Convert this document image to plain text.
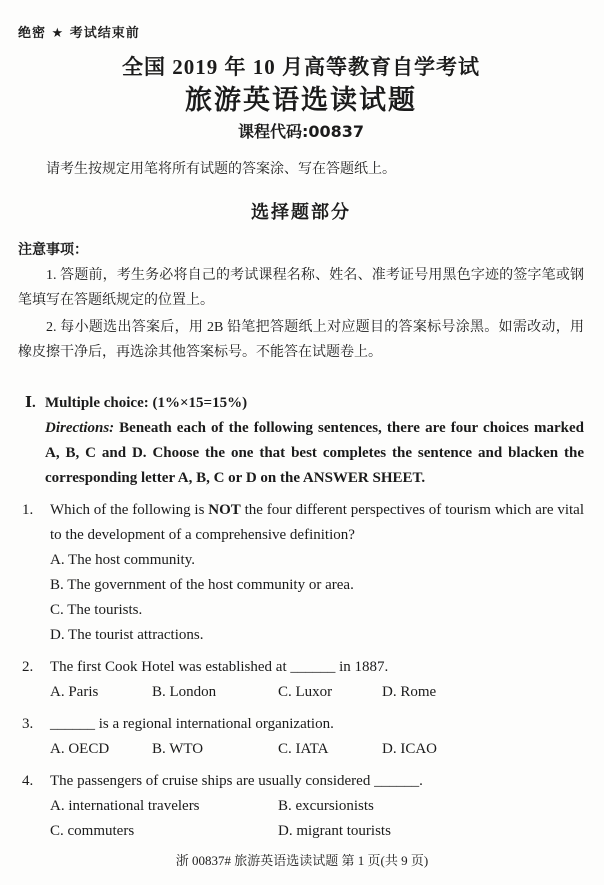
绝密 ★ 考试结束前
全国 2019 年 10 月高等教育自学考试
旅游英语选读试题
课程代码:00837

请考生按规定用笔将所有试题的答案涂、写在答题纸上。

选择题部分
注意事项：

1. 答题前，考生务必将自己的考试课程名称、姓名、准考证号用黑色字迹的签字笔或钢笔填写在答题纸规定的位置上。

2. 每小题选出答案后，用 2B 铅笔把答题纸上对应题目的答案标号涂黑。如需改动，用橡皮擦干净后，再选涂其他答案标号。不能答在试题卷上。

Ⅰ. Multiple choice: (1%×15=15%)

Directions: Beneath each of the following sentences, there are four choices marked A, B, C and D. Choose the one that best completes the sentence and blacken the corresponding letter A, B, C or D on the ANSWER SHEET.

1.	Which of the following is NOT the four different perspectives of tourism which are vital to the development of a comprehensive definition?

A. The host community.
B. The government of the host community or area.
C. The tourists.
D. The tourist attractions.
2.	The first Cook Hotel was established at ______ in 1887.

A. Paris	B. London	C. Luxor	D. Rome
3.	______ is a regional international organization.

A. OECD	B. WTO	C. IATA	D. ICAO
4.	The passengers of cruise ships are usually considered ______.

A. international travelers	B. excursionists
C. commuters	D. migrant tourists
浙 00837# 旅游英语选读试题 第 1 页(共 9 页)
